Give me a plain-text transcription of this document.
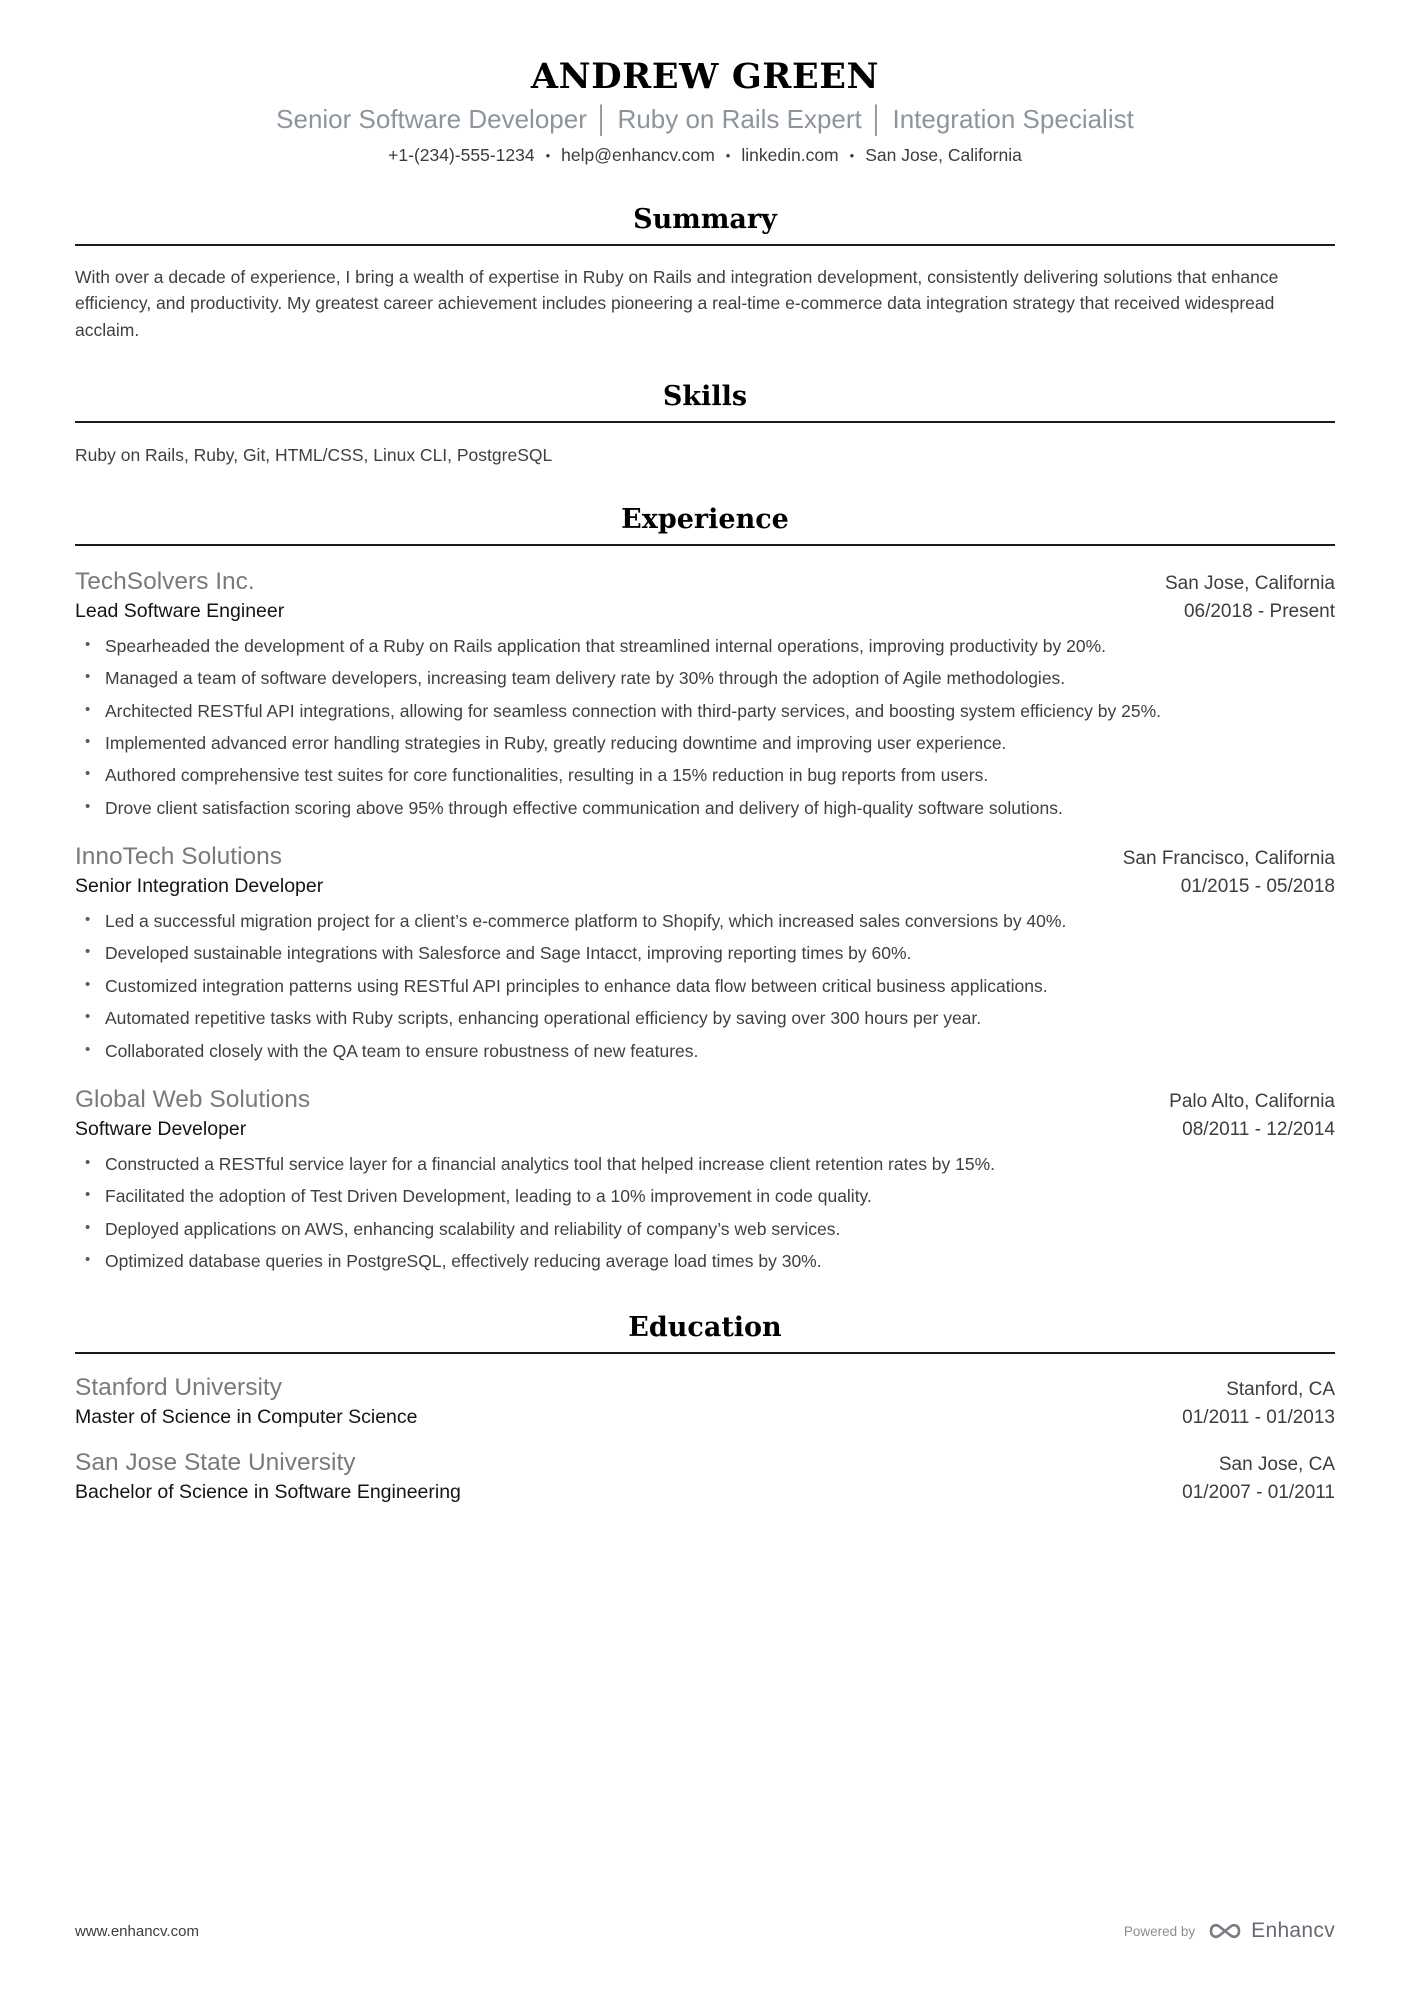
ANDREW GREEN
Senior Software Developer │ Ruby on Rails Expert │ Integration Specialist
+1-(234)-555-1234 • help@enhancv.com • linkedin.com • San Jose, California
Summary

With over a decade of experience, I bring a wealth of expertise in Ruby on Rails and integration development, consistently delivering solutions that enhance efficiency, and productivity. My greatest career achievement includes pioneering a real-time e-commerce data integration strategy that received widespread acclaim.

Skills

Ruby on Rails, Ruby, Git, HTML/CSS, Linux CLI, PostgreSQL

Experience
TechSolvers Inc.	San Jose, California
Lead Software Engineer	06/2018 - Present
• Spearheaded the development of a Ruby on Rails application that streamlined internal operations, improving productivity by 20%.
• Managed a team of software developers, increasing team delivery rate by 30% through the adoption of Agile methodologies.
• Architected RESTful API integrations, allowing for seamless connection with third-party services, and boosting system efficiency by 25%.
• Implemented advanced error handling strategies in Ruby, greatly reducing downtime and improving user experience.
• Authored comprehensive test suites for core functionalities, resulting in a 15% reduction in bug reports from users.
• Drove client satisfaction scoring above 95% through effective communication and delivery of high-quality software solutions.
InnoTech Solutions	San Francisco, California
Senior Integration Developer	01/2015 - 05/2018
• Led a successful migration project for a client’s e-commerce platform to Shopify, which increased sales conversions by 40%.
• Developed sustainable integrations with Salesforce and Sage Intacct, improving reporting times by 60%.
• Customized integration patterns using RESTful API principles to enhance data flow between critical business applications.
• Automated repetitive tasks with Ruby scripts, enhancing operational efficiency by saving over 300 hours per year.
• Collaborated closely with the QA team to ensure robustness of new features.
Global Web Solutions	Palo Alto, California
Software Developer	08/2011 - 12/2014
• Constructed a RESTful service layer for a financial analytics tool that helped increase client retention rates by 15%.
• Facilitated the adoption of Test Driven Development, leading to a 10% improvement in code quality.
• Deployed applications on AWS, enhancing scalability and reliability of company’s web services.
• Optimized database queries in PostgreSQL, effectively reducing average load times by 30%.
Education
Stanford University	Stanford, CA
Master of Science in Computer Science	01/2011 - 01/2013
San Jose State University	San Jose, CA
Bachelor of Science in Software Engineering	01/2007 - 01/2011
www.enhancv.com	Powered by	Enhancv
